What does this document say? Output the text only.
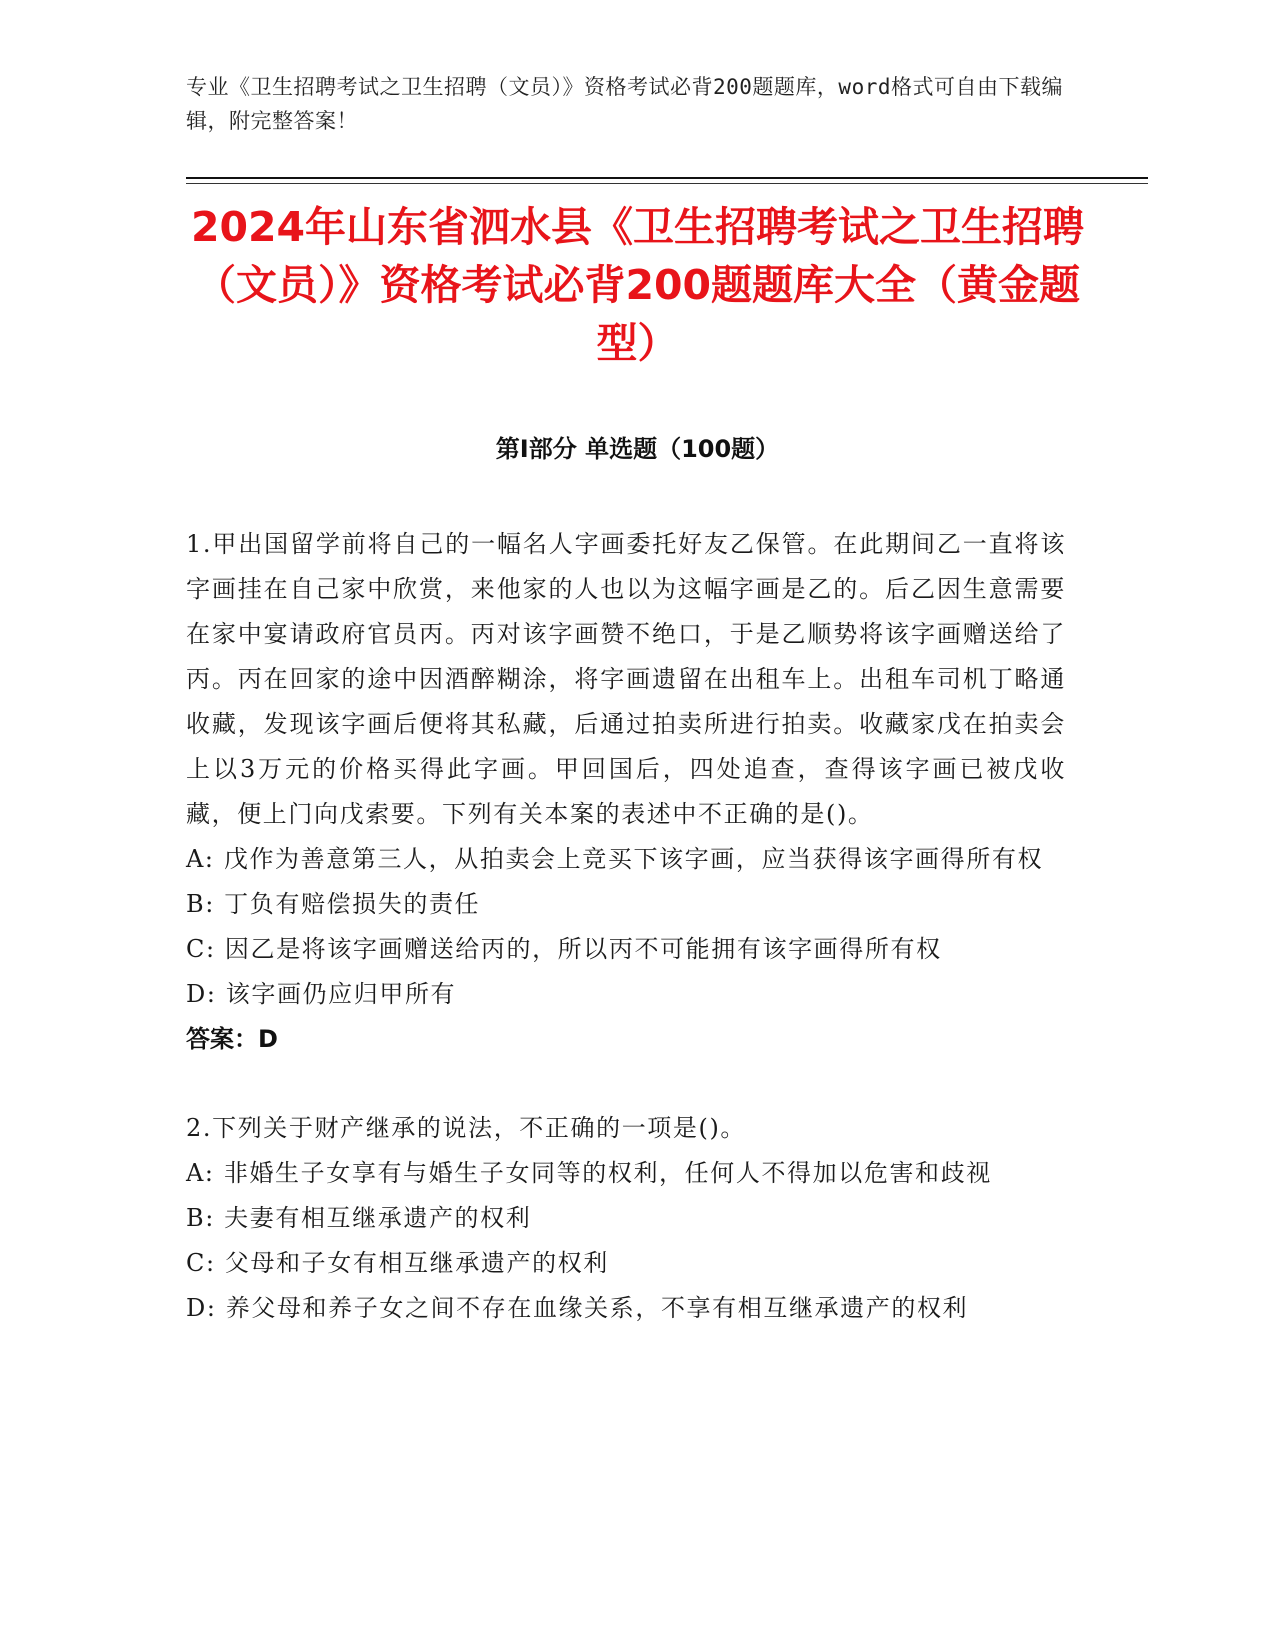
专业《卫生招聘考试之卫生招聘（文员）》资格考试必背200题题库，word格式可自由下载编辑，附完整答案！
2024年山东省泗水县《卫生招聘考试之卫生招聘（文员）》资格考试必背200题题库大全（黄金题型）
第Ⅰ部分 单选题（100题）
1.甲出国留学前将自己的一幅名人字画委托好友乙保管。在此期间乙一直将该字画挂在自己家中欣赏，来他家的人也以为这幅字画是乙的。后乙因生意需要在家中宴请政府官员丙。丙对该字画赞不绝口，于是乙顺势将该字画赠送给了丙。丙在回家的途中因酒醉糊涂，将字画遗留在出租车上。出租车司机丁略通收藏，发现该字画后便将其私藏，后通过拍卖所进行拍卖。收藏家戊在拍卖会上以3万元的价格买得此字画。甲回国后，四处追查，查得该字画已被戊收藏，便上门向戊索要。下列有关本案的表述中不正确的是()。
A: 戊作为善意第三人，从拍卖会上竞买下该字画，应当获得该字画得所有权
B: 丁负有赔偿损失的责任
C: 因乙是将该字画赠送给丙的，所以丙不可能拥有该字画得所有权
D: 该字画仍应归甲所有
答案：D
2.下列关于财产继承的说法，不正确的一项是()。
A: 非婚生子女享有与婚生子女同等的权利，任何人不得加以危害和歧视
B: 夫妻有相互继承遗产的权利
C: 父母和子女有相互继承遗产的权利
D: 养父母和养子女之间不存在血缘关系，不享有相互继承遗产的权利
